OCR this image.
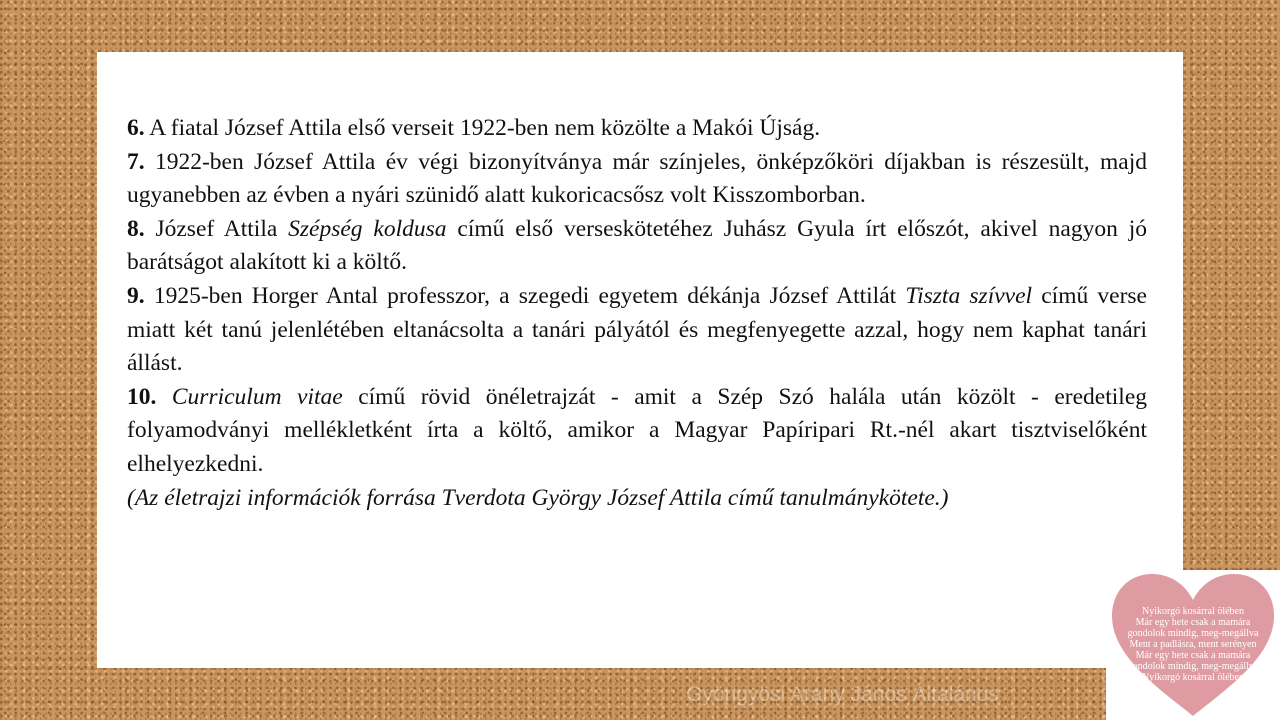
6. A fiatal József Attila első verseit 1922-ben nem közölte a Makói Újság.

7. 1922-ben József Attila év végi bizonyítványa már színjeles, önképzőköri díjakban is részesült, majd ugyanebben az évben a nyári szünidő alatt kukoricacsősz volt Kisszomborban.

8. József Attila Szépség koldusa című első verseskötetéhez Juhász Gyula írt előszót, akivel nagyon jó barátságot alakított ki a költő.

9. 1925-ben Horger Antal professzor, a szegedi egyetem dékánja József Attilát Tiszta szívvel című verse miatt két tanú jelenlétében eltanácsolta a tanári pályától és megfenyegette azzal, hogy nem kaphat tanári állást.

10. Curriculum vitae című rövid önéletrajzát - amit a Szép Szó halála után közölt - eredetileg folyamodványi mellékletként írta a költő, amikor a Magyar Papíripari Rt.-nél akart tisztviselőként elhelyezkedni.

(Az életrajzi információk forrása Tverdota György József Attila című tanulmánykötete.)

Gyöngyösi Arany János Általános
Nyikorgó kosárral ölében
Már egy hete csak a mamára
gondolok mindig, meg-megállva
Ment a padlásra, ment serényen
Már egy hete csak a mamára
gondolok mindig, meg-megállva
Nyikorgó kosárral ölében
